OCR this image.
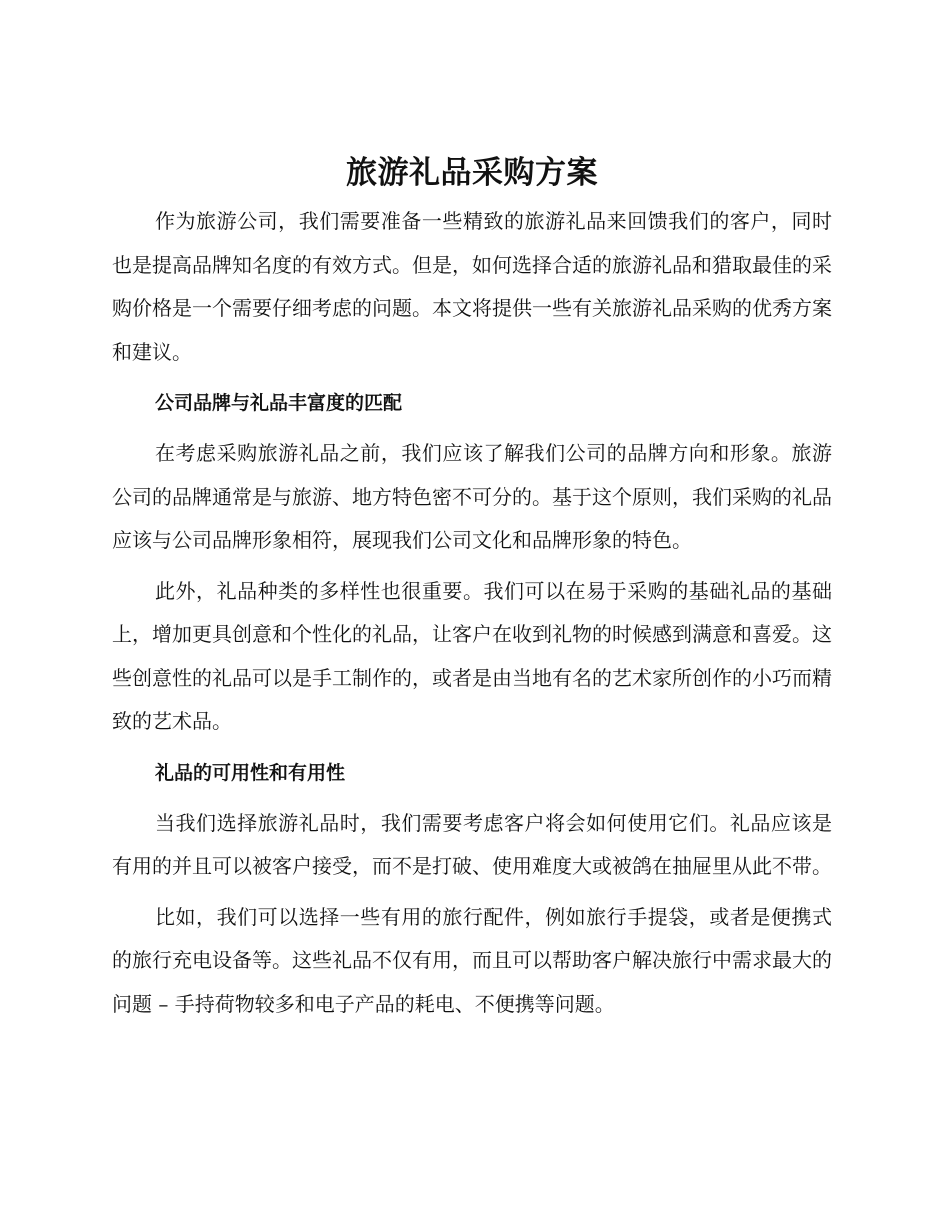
旅游礼品采购方案

作为旅游公司，我们需要准备一些精致的旅游礼品来回馈我们的客户，同时也是提高品牌知名度的有效方式。但是，如何选择合适的旅游礼品和猎取最佳的采购价格是一个需要仔细考虑的问题。本文将提供一些有关旅游礼品采购的优秀方案和建议。

公司品牌与礼品丰富度的匹配

在考虑采购旅游礼品之前，我们应该了解我们公司的品牌方向和形象。旅游公司的品牌通常是与旅游、地方特色密不可分的。基于这个原则，我们采购的礼品应该与公司品牌形象相符，展现我们公司文化和品牌形象的特色。

此外，礼品种类的多样性也很重要。我们可以在易于采购的基础礼品的基础上，增加更具创意和个性化的礼品，让客户在收到礼物的时候感到满意和喜爱。这些创意性的礼品可以是手工制作的，或者是由当地有名的艺术家所创作的小巧而精致的艺术品。

礼品的可用性和有用性

当我们选择旅游礼品时，我们需要考虑客户将会如何使用它们。礼品应该是有用的并且可以被客户接受，而不是打破、使用难度大或被鸽在抽屉里从此不带。

比如，我们可以选择一些有用的旅行配件，例如旅行手提袋，或者是便携式的旅行充电设备等。这些礼品不仅有用，而且可以帮助客户解决旅行中需求最大的问题 – 手持荷物较多和电子产品的耗电、不便携等问题。
